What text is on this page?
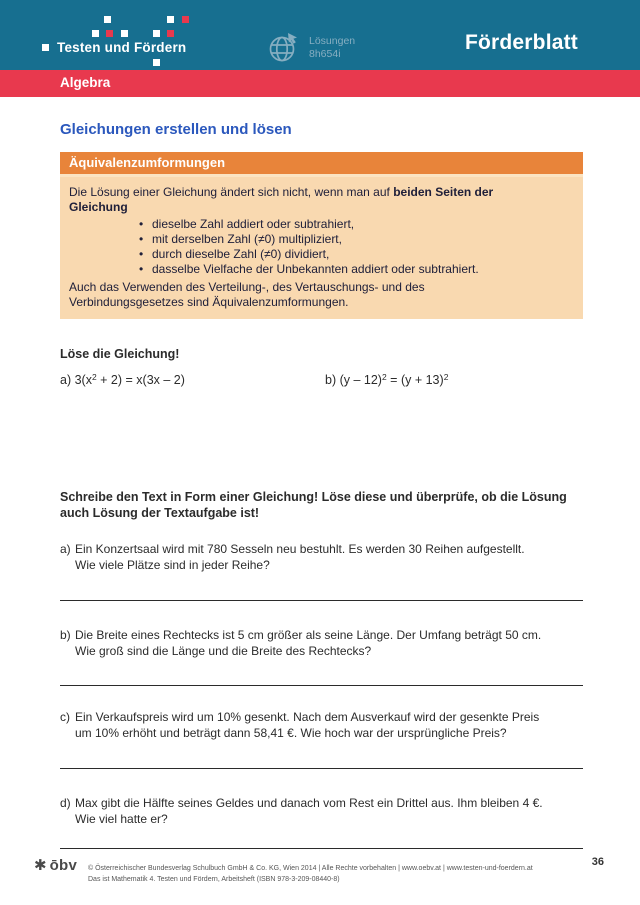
Testen und Fördern	Lösungen
8h654i	Förderblatt
Algebra
Gleichungen erstellen und lösen
Äquivalenzumformungen
Die Lösung einer Gleichung ändert sich nicht, wenn man auf beiden Seiten der
Gleichung
• dieselbe Zahl addiert oder subtrahiert,
• mit derselben Zahl (≠0) multipliziert,
• durch dieselbe Zahl (≠0) dividiert,
• dasselbe Vielfache der Unbekannten addiert oder subtrahiert.
Auch das Verwenden des Verteilung-, des Vertauschungs- und des
Verbindungsgesetzes sind Äquivalenzumformungen.
Löse die Gleichung!
a) $3(x^2 + 2) = x(3x - 2)$	b) $(y - 12)^2 = (y + 13)^2$
Schreibe den Text in Form einer Gleichung! Löse diese und überprüfe, ob die Lösung
auch Lösung der Textaufgabe ist!
a) Ein Konzertsaal wird mit 780 Sesseln neu bestuhlt. Es werden 30 Reihen aufgestellt.
Wie viele Plätze sind in jeder Reihe?
b) Die Breite eines Rechtecks ist 5 cm größer als seine Länge. Der Umfang beträgt 50 cm.
Wie groß sind die Länge und die Breite des Rechtecks?
c) Ein Verkaufspreis wird um 10% gesenkt. Nach dem Ausverkauf wird der gesenkte Preis
um 10% erhöht und beträgt dann 58,41 €. Wie hoch war der ursprüngliche Preis?
d) Max gibt die Hälfte seines Geldes und danach vom Rest ein Drittel aus. Ihm bleiben 4 €.
Wie viel hatte er?
✱ ōbv © Österreichischer Bundesverlag Schulbuch GmbH & Co. KG, Wien 2014 | Alle Rechte vorbehalten | www.oebv.at | www.testen-und-foerdern.at
Das ist Mathematik 4. Testen und Fördern, Arbeitsheft (ISBN 978-3-209-08440-8)
36
